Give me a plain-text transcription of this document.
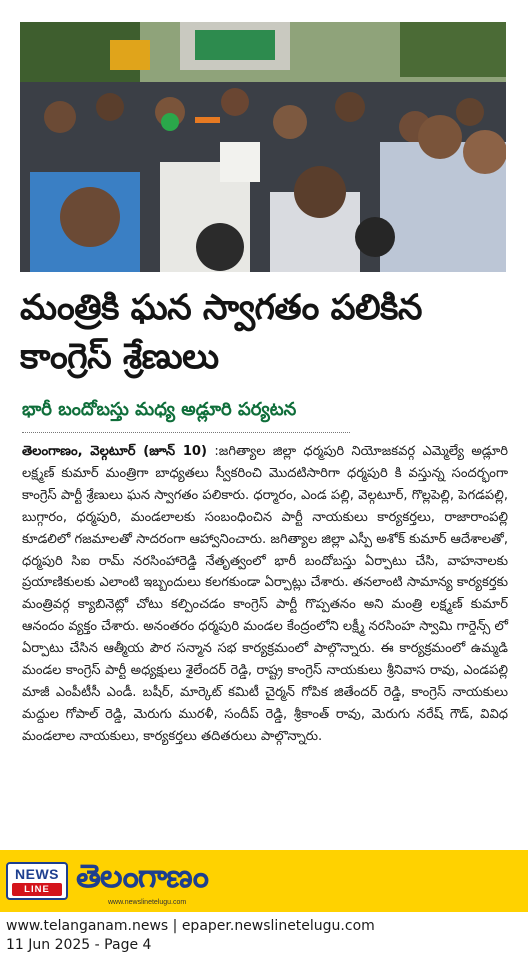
మంత్రికి ఘన స్వాగతం పలికిన
కాంగ్రెస్ శ్రేణులు
భారీ బందోబస్తు మధ్య అడ్లూరి పర్యటన

తెలంగాణం, వెల్గటూర్ (జూన్ 10) :జగిత్యాల జిల్లా ధర్మపురి నియోజకవర్గ ఎమ్మెల్యే అడ్లూరి లక్ష్మణ్ కుమార్ మంత్రిగా బాధ్యతలు స్వీకరించి మొదటిసారిగా ధర్మపురి కి వస్తున్న సందర్భంగా కాంగ్రెస్ పార్టీ శ్రేణులు ఘన స్వాగతం పలికారు. ధర్మారం, ఎండ పల్లి, వెల్గటూర్, గొల్లపెల్లి, పెగడపల్లి, బుగ్గారం, ధర్మపురి, మండలాలకు సంబంధించిన పార్టీ నాయకులు కార్యకర్తలు, రాజారాంపల్లి కూడలిలో గజమాలతో సాదరంగా ఆహ్వానించారు. జగిత్యాల జిల్లా ఎస్పీ అశోక్ కుమార్ ఆదేశాలతో, ధర్మపురి సిఐ రామ్ నరసింహారెడ్డి నేతృత్వంలో భారీ బందోబస్తు ఏర్పాటు చేసి, వాహనాలకు ప్రయాణికులకు ఎలాంటి ఇబ్బందులు కలగకుండా ఏర్పాట్లు చేశారు. తనలాంటి సామాన్య కార్యకర్తకు మంత్రివర్గ క్యాబినెట్లో చోటు కల్పించడం కాంగ్రెస్ పార్టీ గొప్పతనం అని మంత్రి లక్ష్మణ్ కుమార్ ఆనందం వ్యక్తం చేశారు. అనంతరం ధర్మపురి మండల కేంద్రంలోని లక్ష్మీ నరసింహ స్వామి గార్డెన్స్ లో ఏర్పాటు చేసిన ఆత్మీయ పౌర సన్మాన సభ కార్యక్రమంలో పాల్గొన్నారు. ఈ కార్యక్రమంలో ఉమ్మడి మండల కాంగ్రెస్ పార్టీ అధ్యక్షులు శైలేందర్ రెడ్డి, రాష్ట్ర కాంగ్రెస్ నాయకులు శ్రీనివాస రావు, ఎండపల్లి మాజీ ఎంపీటీసీ ఎండీ. బషీర్, మార్కెట్ కమిటీ చైర్మన్ గోపిక జితేందర్ రెడ్డి, కాంగ్రెస్ నాయకులు మద్దుల గోపాల్ రెడ్డి, మెరుగు మురళీ, సందీప్ రెడ్డి, శ్రీకాంత్ రావు, మెరుగు నరేష్ గౌడ్, వివిధ మండలాల నాయకులు, కార్యకర్తలు తదితరులు పాల్గొన్నారు.

NEWS
LINE తెలంగాణం
www.newslinetelugu.com
www.telanganam.news | epaper.newslinetelugu.com
11 Jun 2025 - Page 4
